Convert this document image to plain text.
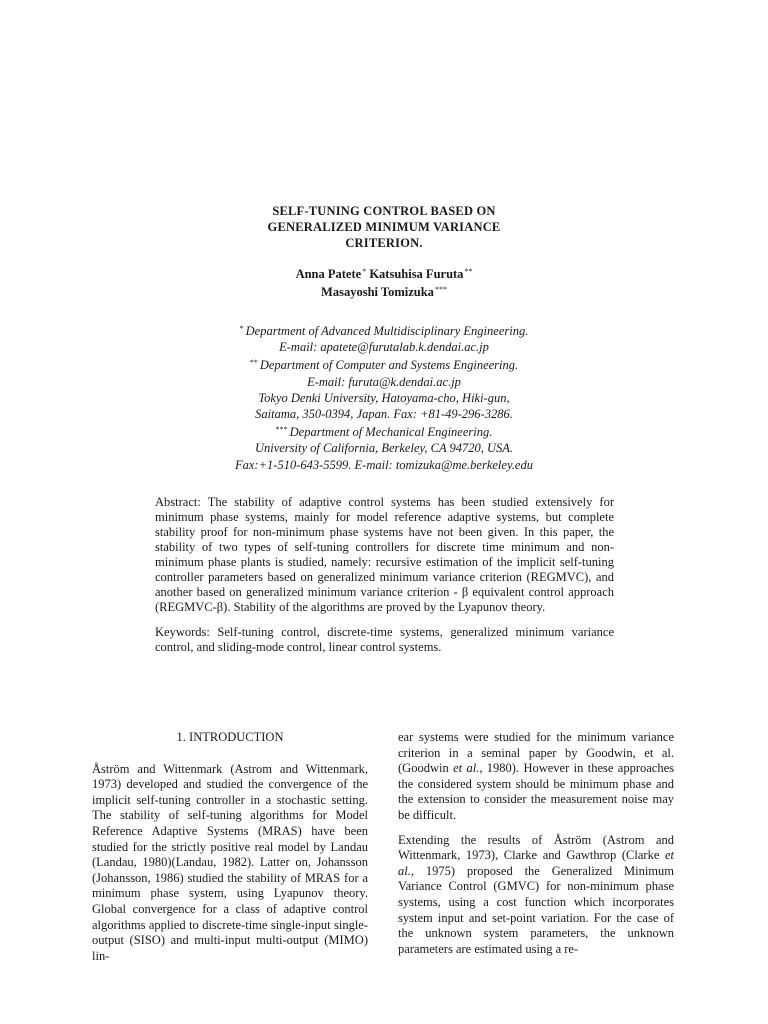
SELF-TUNING CONTROL BASED ON
GENERALIZED MINIMUM VARIANCE
CRITERION.
Anna Patete* Katsuhisa Furuta**
Masayoshi Tomizuka***
* Department of Advanced Multidisciplinary Engineering.
E-mail: apatete@furutalab.k.dendai.ac.jp
** Department of Computer and Systems Engineering.
E-mail: furuta@k.dendai.ac.jp
Tokyo Denki University, Hatoyama-cho, Hiki-gun,
Saitama, 350-0394, Japan. Fax: +81-49-296-3286.
*** Department of Mechanical Engineering.
University of California, Berkeley, CA 94720, USA.
Fax:+1-510-643-5599. E-mail: tomizuka@me.berkeley.edu

Abstract: The stability of adaptive control systems has been studied extensively for minimum phase systems, mainly for model reference adaptive systems, but complete stability proof for non-minimum phase systems have not been given. In this paper, the stability of two types of self-tuning controllers for discrete time minimum and non-minimum phase plants is studied, namely: recursive estimation of the implicit self-tuning controller parameters based on generalized minimum variance criterion (REGMVC), and another based on generalized minimum variance criterion - β equivalent control approach (REGMVC-β). Stability of the algorithms are proved by the Lyapunov theory.

Keywords: Self-tuning control, discrete-time systems, generalized minimum variance control, and sliding-mode control, linear control systems.

1. INTRODUCTION

Åström and Wittenmark (Astrom and Wittenmark, 1973) developed and studied the convergence of the implicit self-tuning controller in a stochastic setting. The stability of self-tuning algorithms for Model Reference Adaptive Systems (MRAS) have been studied for the strictly positive real model by Landau (Landau, 1980)(Landau, 1982). Latter on, Johansson (Johansson, 1986) studied the stability of MRAS for a minimum phase system, using Lyapunov theory. Global convergence for a class of adaptive control algorithms applied to discrete-time single-input single-output (SISO) and multi-input multi-output (MIMO) lin-

ear systems were studied for the minimum variance criterion in a seminal paper by Goodwin, et al. (Goodwin et al., 1980). However in these approaches the considered system should be minimum phase and the extension to consider the measurement noise may be difficult.

Extending the results of Åström (Astrom and Wittenmark, 1973), Clarke and Gawthrop (Clarke et al., 1975) proposed the Generalized Minimum Variance Control (GMVC) for non-minimum phase systems, using a cost function which incorporates system input and set-point variation. For the case of the unknown system parameters, the unknown parameters are estimated using a re-
